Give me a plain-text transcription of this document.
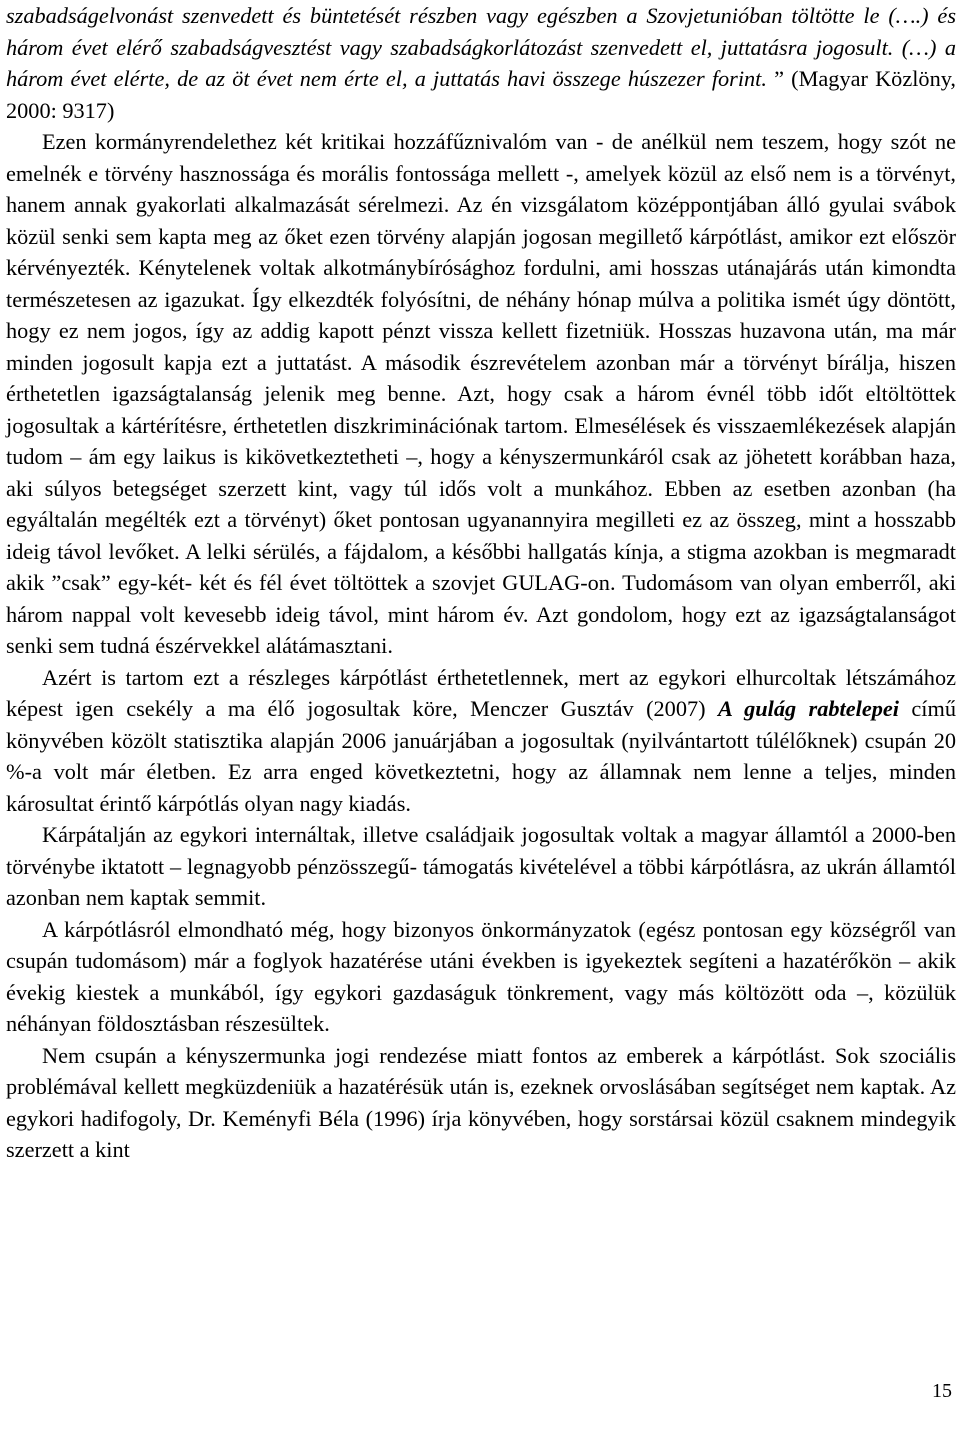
szabadságelvonást szenvedett és büntetését részben vagy egészben a Szovjetunióban töltötte le (….) és három évet elérő szabadságvesztést vagy szabadságkorlátozást szenvedett el, juttatásra jogosult. (…) a három évet elérte, de az öt évet nem érte el, a juttatás havi összege húszezer forint. ” (Magyar Közlöny, 2000: 9317)

Ezen kormányrendelethez két kritikai hozzáfűznivalóm van - de anélkül nem teszem, hogy szót ne emelnék e törvény hasznossága és morális fontossága mellett -, amelyek közül az első nem is a törvényt, hanem annak gyakorlati alkalmazását sérelmezi. Az én vizsgálatom középpontjában álló gyulai svábok közül senki sem kapta meg az őket ezen törvény alapján jogosan megillető kárpótlást, amikor ezt először kérvényezték. Kénytelenek voltak alkotmánybírósághoz fordulni, ami hosszas utánajárás után kimondta természetesen az igazukat. Így elkezdték folyósítni, de néhány hónap múlva a politika ismét úgy döntött, hogy ez nem jogos, így az addig kapott pénzt vissza kellett fizetniük. Hosszas huzavona után, ma már minden jogosult kapja ezt a juttatást. A második észrevételem azonban már a törvényt bírálja, hiszen érthetetlen igazságtalanság jelenik meg benne. Azt, hogy csak a három évnél több időt eltöltöttek jogosultak a kártérítésre, érthetetlen diszkriminációnak tartom. Elmesélések és visszaemlékezések alapján tudom – ám egy laikus is kikövetkeztetheti –, hogy a kényszermunkáról csak az jöhetett korábban haza, aki súlyos betegséget szerzett kint, vagy túl idős volt a munkához. Ebben az esetben azonban (ha egyáltalán megélték ezt a törvényt) őket pontosan ugyanannyira megilleti ez az összeg, mint a hosszabb ideig távol levőket. A lelki sérülés, a fájdalom, a későbbi hallgatás kínja, a stigma azokban is megmaradt akik ”csak” egy-két- két és fél évet töltöttek a szovjet GULAG-on. Tudomásom van olyan emberről, aki három nappal volt kevesebb ideig távol, mint három év. Azt gondolom, hogy ezt az igazságtalanságot senki sem tudná észérvekkel alátámasztani.

Azért is tartom ezt a részleges kárpótlást érthetetlennek, mert az egykori elhurcoltak létszámához képest igen csekély a ma élő jogosultak köre, Menczer Gusztáv (2007) A gulág rabtelepei című könyvében közölt statisztika alapján 2006 januárjában a jogosultak (nyilvántartott túlélőknek) csupán 20 %-a volt már életben. Ez arra enged következtetni, hogy az államnak nem lenne a teljes, minden károsultat érintő kárpótlás olyan nagy kiadás.

Kárpátalján az egykori internáltak, illetve családjaik jogosultak voltak a magyar államtól a 2000-ben törvénybe iktatott – legnagyobb pénzösszegű- támogatás kivételével a többi kárpótlásra, az ukrán államtól azonban nem kaptak semmit.

A kárpótlásról elmondható még, hogy bizonyos önkormányzatok (egész pontosan egy községről van csupán tudomásom) már a foglyok hazatérése utáni években is igyekeztek segíteni a hazatérőkön – akik évekig kiestek a munkából, így egykori gazdaságuk tönkrement, vagy más költözött oda –, közülük néhányan földosztásban részesültek.

Nem csupán a kényszermunka jogi rendezése miatt fontos az emberek a kárpótlást. Sok szociális problémával kellett megküzdeniük a hazatérésük után is, ezeknek orvoslásában segítséget nem kaptak. Az egykori hadifogoly, Dr. Keményfi Béla (1996) írja könyvében, hogy sorstársai közül csaknem mindegyik szerzett a kint

15
